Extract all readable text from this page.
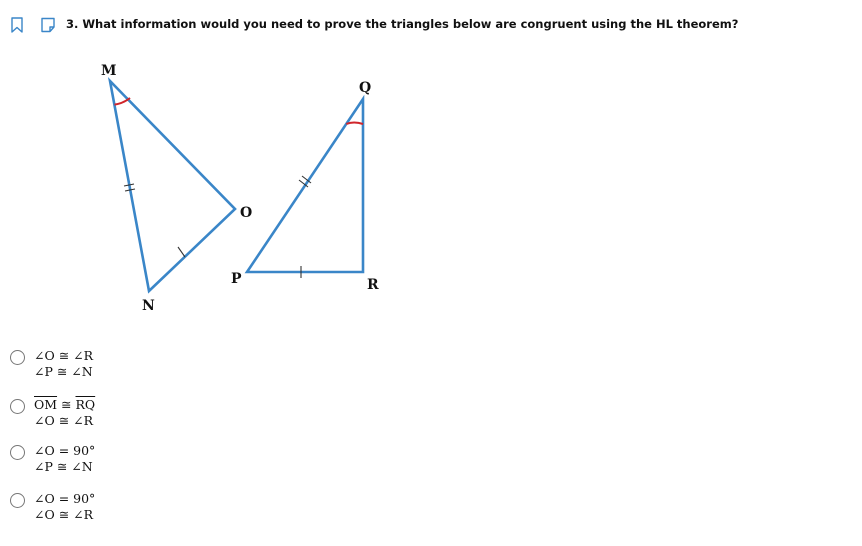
3. What information would you need to prove the triangles below are congruent using the HL theorem?
M
N
O
P
Q
R
∠O ≅ ∠R
∠P ≅ ∠N
$\overline{OM}$ ≅ $\overline{RQ}$
∠O ≅ ∠R
∠O = 90°
∠P ≅ ∠N
∠O = 90°
∠O ≅ ∠R
